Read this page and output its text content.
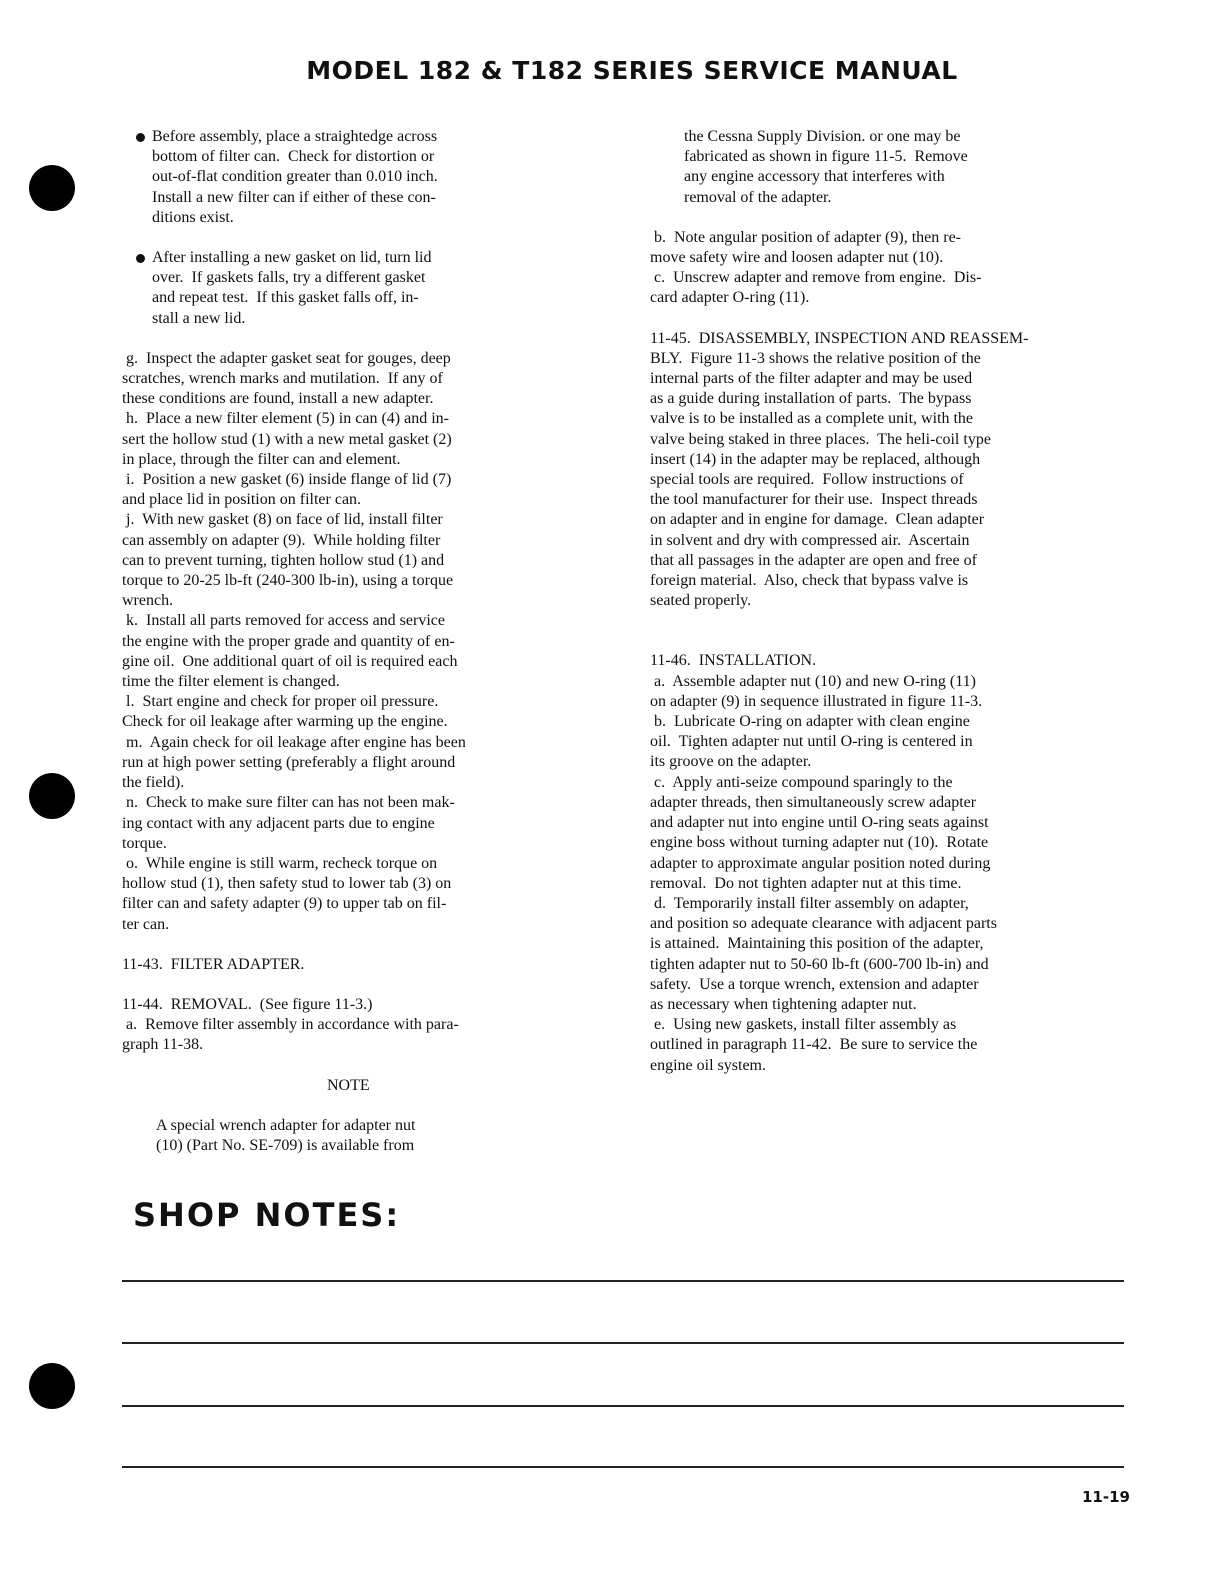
MODEL 182 & T182 SERIES SERVICE MANUAL

Before assembly, place a straightedge across

bottom of filter can.  Check for distortion or

out-of-flat condition greater than 0.010 inch.

Install a new filter can if either of these con-

ditions exist.

After installing a new gasket on lid, turn lid

over.  If gaskets falls, try a different gasket

and repeat test.  If this gasket falls off, in-

stall a new lid.

g.  Inspect the adapter gasket seat for gouges, deep

scratches, wrench marks and mutilation.  If any of

these conditions are found, install a new adapter.

h.  Place a new filter element (5) in can (4) and in-

sert the hollow stud (1) with a new metal gasket (2)

in place, through the filter can and element.

i.  Position a new gasket (6) inside flange of lid (7)

and place lid in position on filter can.

j.  With new gasket (8) on face of lid, install filter

can assembly on adapter (9).  While holding filter

can to prevent turning, tighten hollow stud (1) and

torque to 20-25 lb-ft (240-300 lb-in), using a torque

wrench.

k.  Install all parts removed for access and service

the engine with the proper grade and quantity of en-

gine oil.  One additional quart of oil is required each

time the filter element is changed.

l.  Start engine and check for proper oil pressure.

Check for oil leakage after warming up the engine.

m.  Again check for oil leakage after engine has been

run at high power setting (preferably a flight around

the field).

n.  Check to make sure filter can has not been mak-

ing contact with any adjacent parts due to engine

torque.

o.  While engine is still warm, recheck torque on

hollow stud (1), then safety stud to lower tab (3) on

filter can and safety adapter (9) to upper tab on fil-

ter can.

11-43.  FILTER ADAPTER.

11-44.  REMOVAL.  (See figure 11-3.)

a.  Remove filter assembly in accordance with para-

graph 11-38.

NOTE

A special wrench adapter for adapter nut

(10) (Part No. SE-709) is available from

the Cessna Supply Division. or one may be

fabricated as shown in figure 11-5.  Remove

any engine accessory that interferes with

removal of the adapter.

b.  Note angular position of adapter (9), then re-

move safety wire and loosen adapter nut (10).

c.  Unscrew adapter and remove from engine.  Dis-

card adapter O-ring (11).

11-45.  DISASSEMBLY, INSPECTION AND REASSEM-

BLY.  Figure 11-3 shows the relative position of the

internal parts of the filter adapter and may be used

as a guide during installation of parts.  The bypass

valve is to be installed as a complete unit, with the

valve being staked in three places.  The heli-coil type

insert (14) in the adapter may be replaced, although

special tools are required.  Follow instructions of

the tool manufacturer for their use.  Inspect threads

on adapter and in engine for damage.  Clean adapter

in solvent and dry with compressed air.  Ascertain

that all passages in the adapter are open and free of

foreign material.  Also, check that bypass valve is

seated properly.

11-46.  INSTALLATION.

a.  Assemble adapter nut (10) and new O-ring (11)

on adapter (9) in sequence illustrated in figure 11-3.

b.  Lubricate O-ring on adapter with clean engine

oil.  Tighten adapter nut until O-ring is centered in

its groove on the adapter.

c.  Apply anti-seize compound sparingly to the

adapter threads, then simultaneously screw adapter

and adapter nut into engine until O-ring seats against

engine boss without turning adapter nut (10).  Rotate

adapter to approximate angular position noted during

removal.  Do not tighten adapter nut at this time.

d.  Temporarily install filter assembly on adapter,

and position so adequate clearance with adjacent parts

is attained.  Maintaining this position of the adapter,

tighten adapter nut to 50-60 lb-ft (600-700 lb-in) and

safety.  Use a torque wrench, extension and adapter

as necessary when tightening adapter nut.

e.  Using new gaskets, install filter assembly as

outlined in paragraph 11-42.  Be sure to service the

engine oil system.

SHOP NOTES:
11-19
